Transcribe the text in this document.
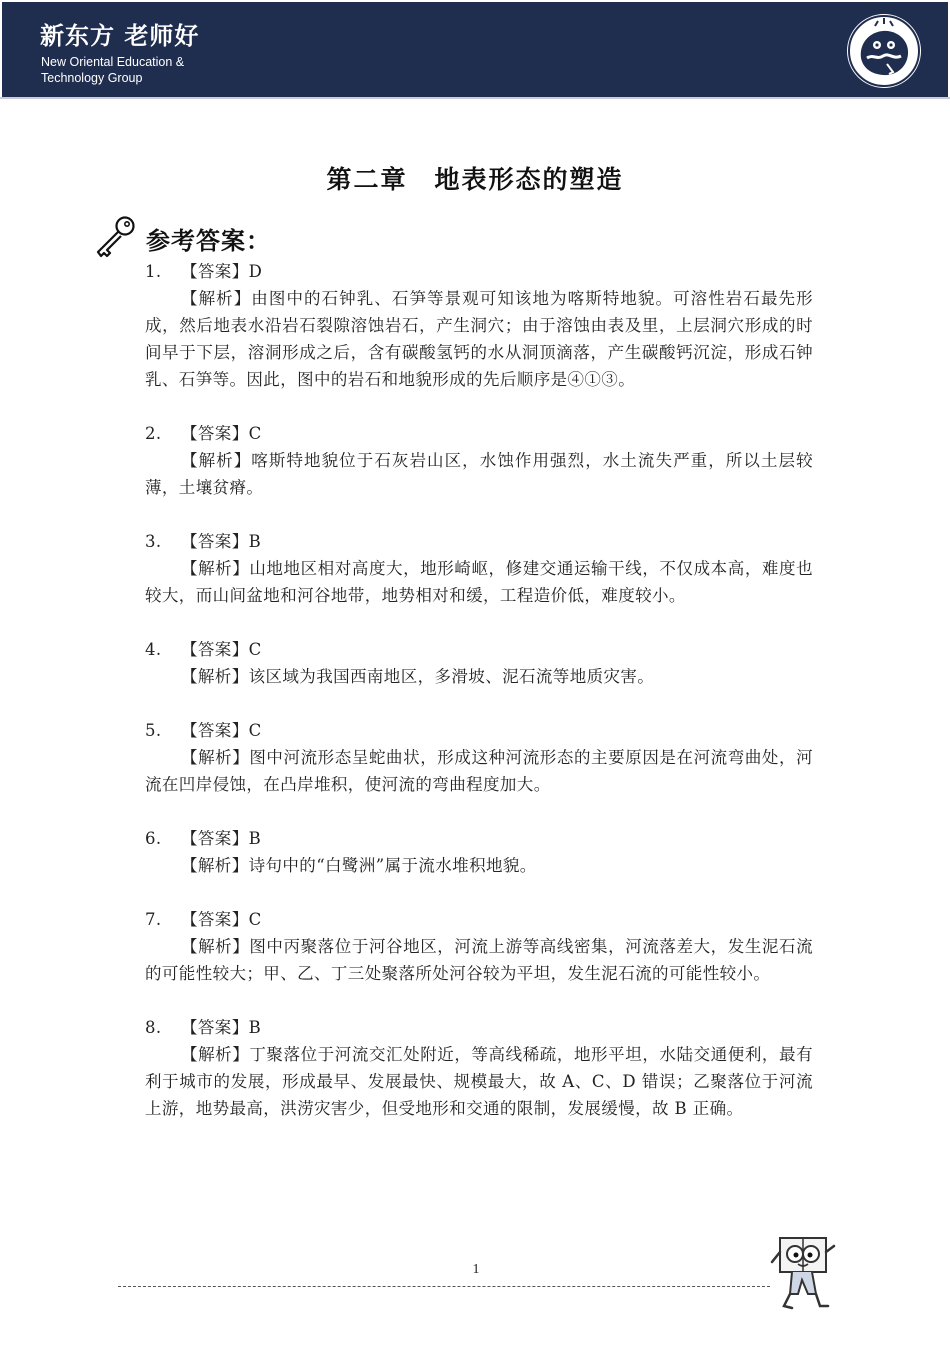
新东方 老师好
New Oriental Education &
Technology Group
第二章　地表形态的塑造
参考答案：
1. 【答案】D
【解析】由图中的石钟乳、石笋等景观可知该地为喀斯特地貌。可溶性岩石最先形成，然后地表水沿岩石裂隙溶蚀岩石，产生洞穴；由于溶蚀由表及里，上层洞穴形成的时间早于下层，溶洞形成之后，含有碳酸氢钙的水从洞顶滴落，产生碳酸钙沉淀，形成石钟乳、石笋等。因此，图中的岩石和地貌形成的先后顺序是④①③。
2. 【答案】C
【解析】喀斯特地貌位于石灰岩山区，水蚀作用强烈，水土流失严重，所以土层较薄，土壤贫瘠。
3. 【答案】B
【解析】山地地区相对高度大，地形崎岖，修建交通运输干线，不仅成本高，难度也较大，而山间盆地和河谷地带，地势相对和缓，工程造价低，难度较小。
4. 【答案】C
【解析】该区域为我国西南地区，多滑坡、泥石流等地质灾害。
5. 【答案】C
【解析】图中河流形态呈蛇曲状，形成这种河流形态的主要原因是在河流弯曲处，河流在凹岸侵蚀，在凸岸堆积，使河流的弯曲程度加大。
6. 【答案】B
【解析】诗句中的“白鹭洲”属于流水堆积地貌。
7. 【答案】C
【解析】图中丙聚落位于河谷地区，河流上游等高线密集，河流落差大，发生泥石流的可能性较大；甲、乙、丁三处聚落所处河谷较为平坦，发生泥石流的可能性较小。
8. 【答案】B
【解析】丁聚落位于河流交汇处附近，等高线稀疏，地形平坦，水陆交通便利，最有利于城市的发展，形成最早、发展最快、规模最大，故 A、C、D 错误；乙聚落位于河流上游，地势最高，洪涝灾害少，但受地形和交通的限制，发展缓慢，故 B 正确。
1
